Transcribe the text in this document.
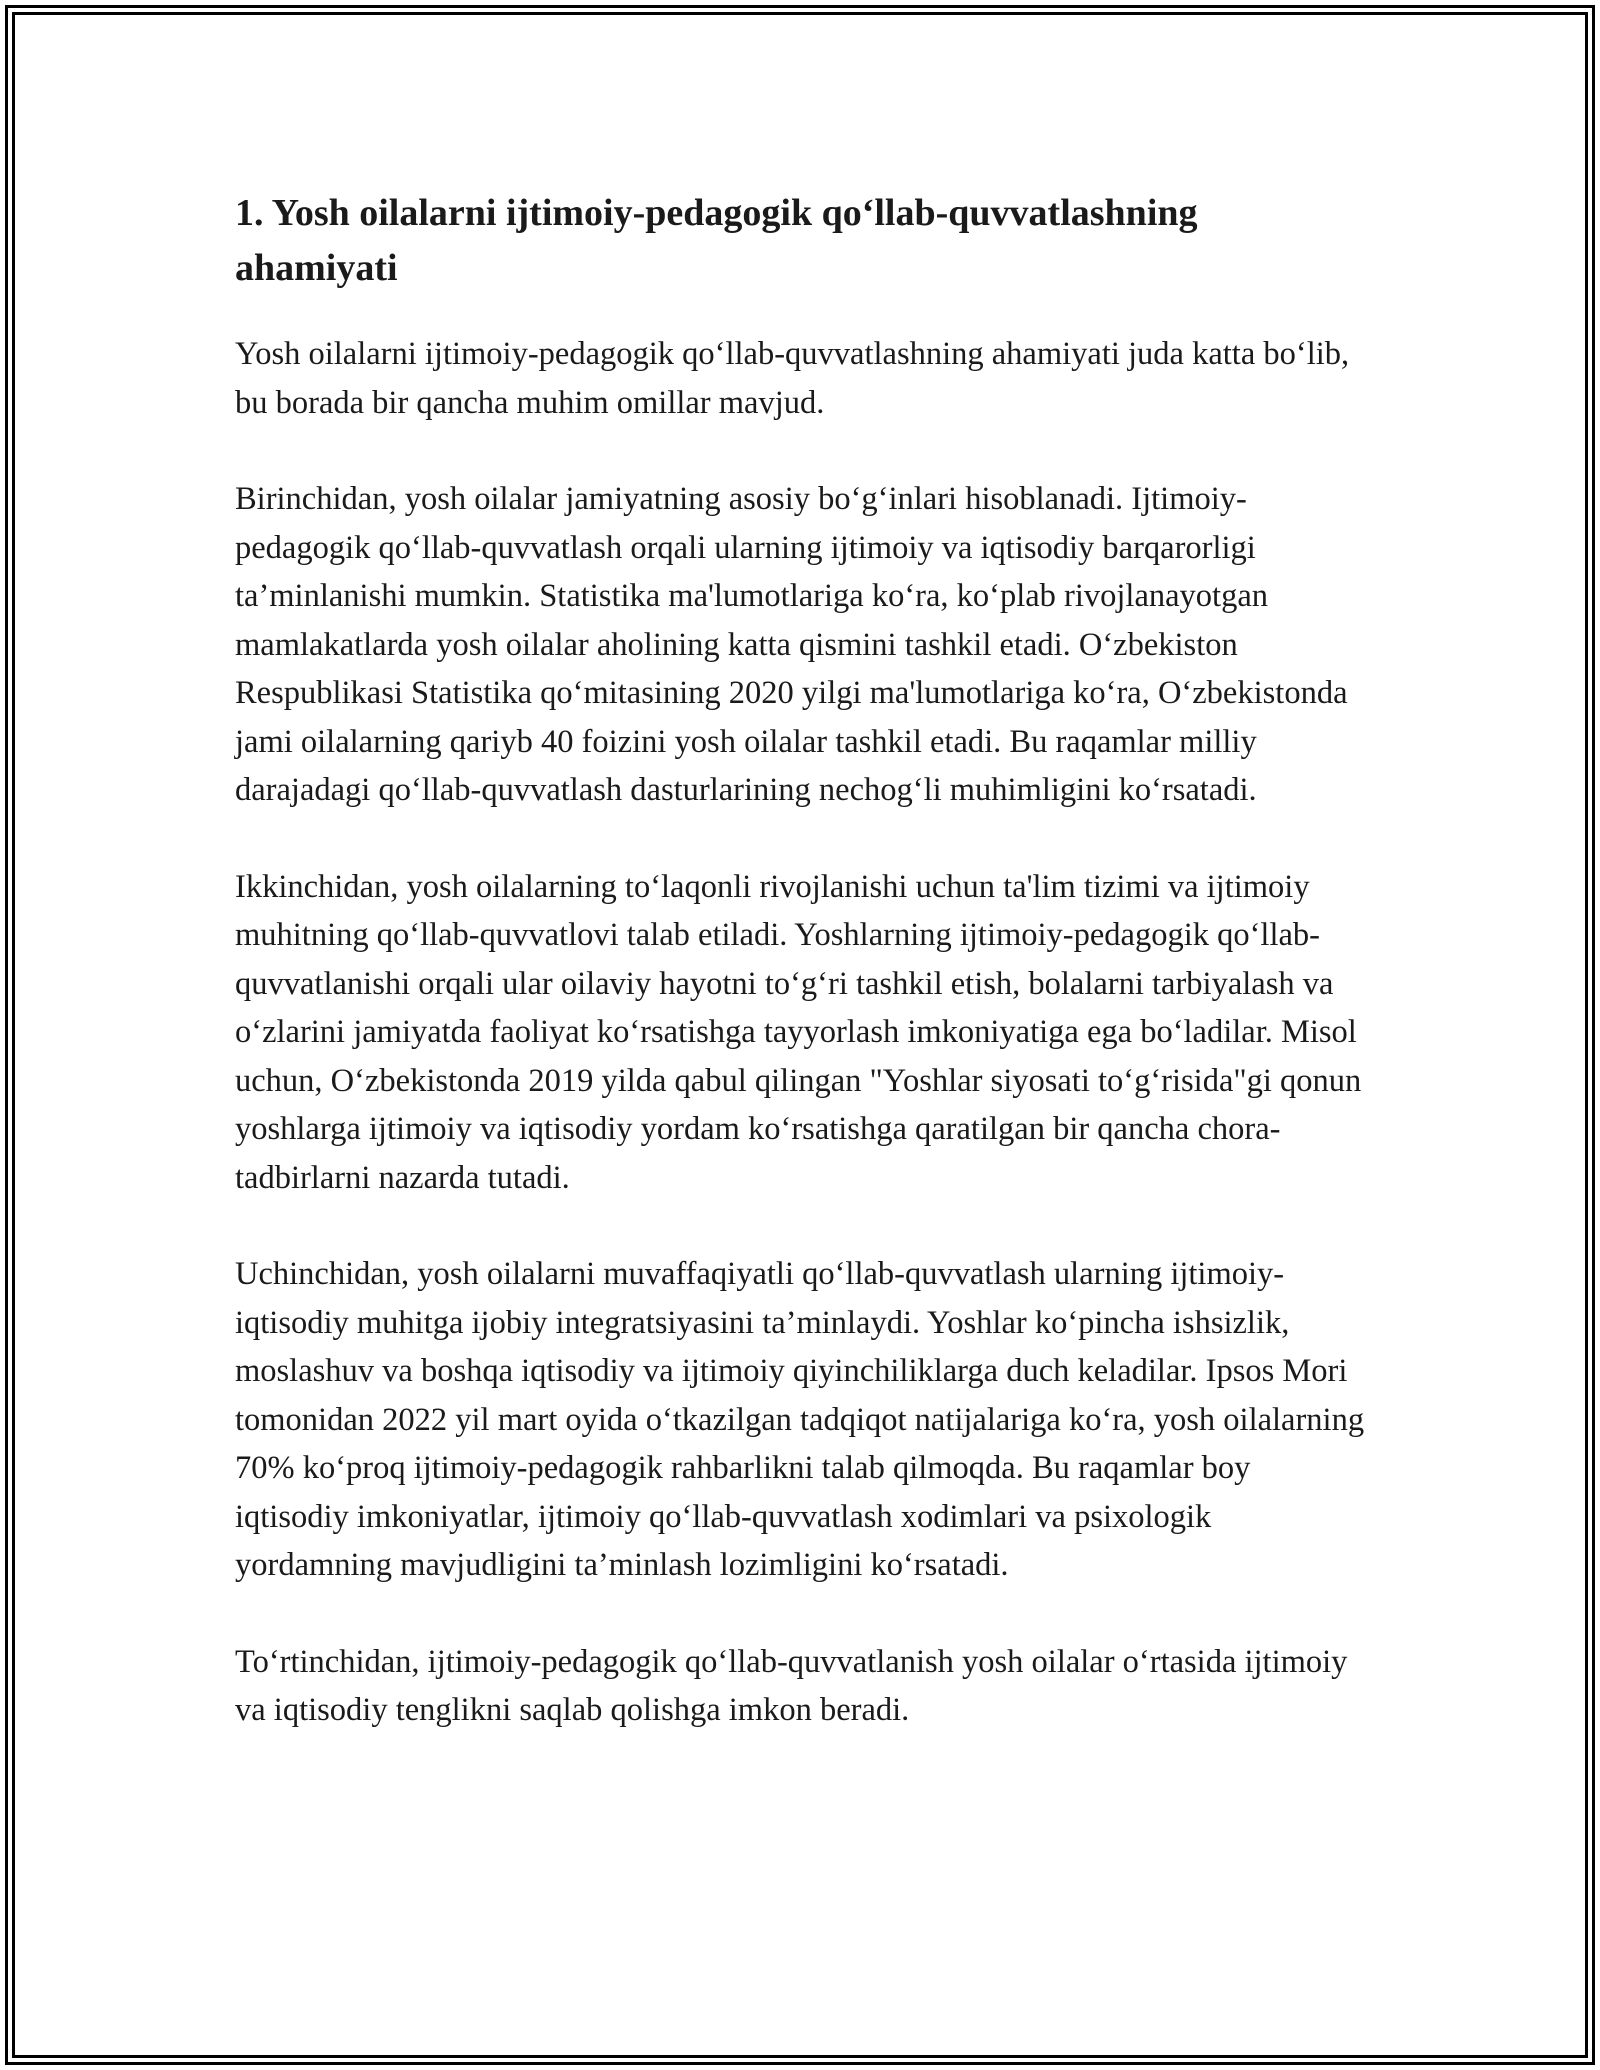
1. Yosh oilalarni ijtimoiy-pedagogik qo‘llab-quvvatlashning ahamiyati

Yosh oilalarni ijtimoiy-pedagogik qo‘llab-quvvatlashning ahamiyati juda katta bo‘lib, bu borada bir qancha muhim omillar mavjud.

Birinchidan, yosh oilalar jamiyatning asosiy bo‘g‘inlari hisoblanadi. Ijtimoiy-pedagogik qo‘llab-quvvatlash orqali ularning ijtimoiy va iqtisodiy barqarorligi ta’minlanishi mumkin. Statistika ma'lumotlariga ko‘ra, ko‘plab rivojlanayotgan mamlakatlarda yosh oilalar aholining katta qismini tashkil etadi. O‘zbekiston Respublikasi Statistika qo‘mitasining 2020 yilgi ma'lumotlariga ko‘ra, O‘zbekistonda jami oilalarning qariyb 40 foizini yosh oilalar tashkil etadi. Bu raqamlar milliy darajadagi qo‘llab-quvvatlash dasturlarining nechog‘li muhimligini ko‘rsatadi.

Ikkinchidan, yosh oilalarning to‘laqonli rivojlanishi uchun ta'lim tizimi va ijtimoiy muhitning qo‘llab-quvvatlovi talab etiladi. Yoshlarning ijtimoiy-pedagogik qo‘llab-quvvatlanishi orqali ular oilaviy hayotni to‘g‘ri tashkil etish, bolalarni tarbiyalash va o‘zlarini jamiyatda faoliyat ko‘rsatishga tayyorlash imkoniyatiga ega bo‘ladilar. Misol uchun, O‘zbekistonda 2019 yilda qabul qilingan "Yoshlar siyosati to‘g‘risida"gi qonun yoshlarga ijtimoiy va iqtisodiy yordam ko‘rsatishga qaratilgan bir qancha chora-tadbirlarni nazarda tutadi.

Uchinchidan, yosh oilalarni muvaffaqiyatli qo‘llab-quvvatlash ularning ijtimoiy-iqtisodiy muhitga ijobiy integratsiyasini ta’minlaydi. Yoshlar ko‘pincha ishsizlik, moslashuv va boshqa iqtisodiy va ijtimoiy qiyinchiliklarga duch keladilar. Ipsos Mori tomonidan 2022 yil mart oyida o‘tkazilgan tadqiqot natijalariga ko‘ra, yosh oilalarning 70% ko‘proq ijtimoiy-pedagogik rahbarlikni talab qilmoqda. Bu raqamlar boy iqtisodiy imkoniyatlar, ijtimoiy qo‘llab-quvvatlash xodimlari va psixologik yordamning mavjudligini ta’minlash lozimligini ko‘rsatadi.

To‘rtinchidan, ijtimoiy-pedagogik qo‘llab-quvvatlanish yosh oilalar o‘rtasida ijtimoiy va iqtisodiy tenglikni saqlab qolishga imkon beradi.
